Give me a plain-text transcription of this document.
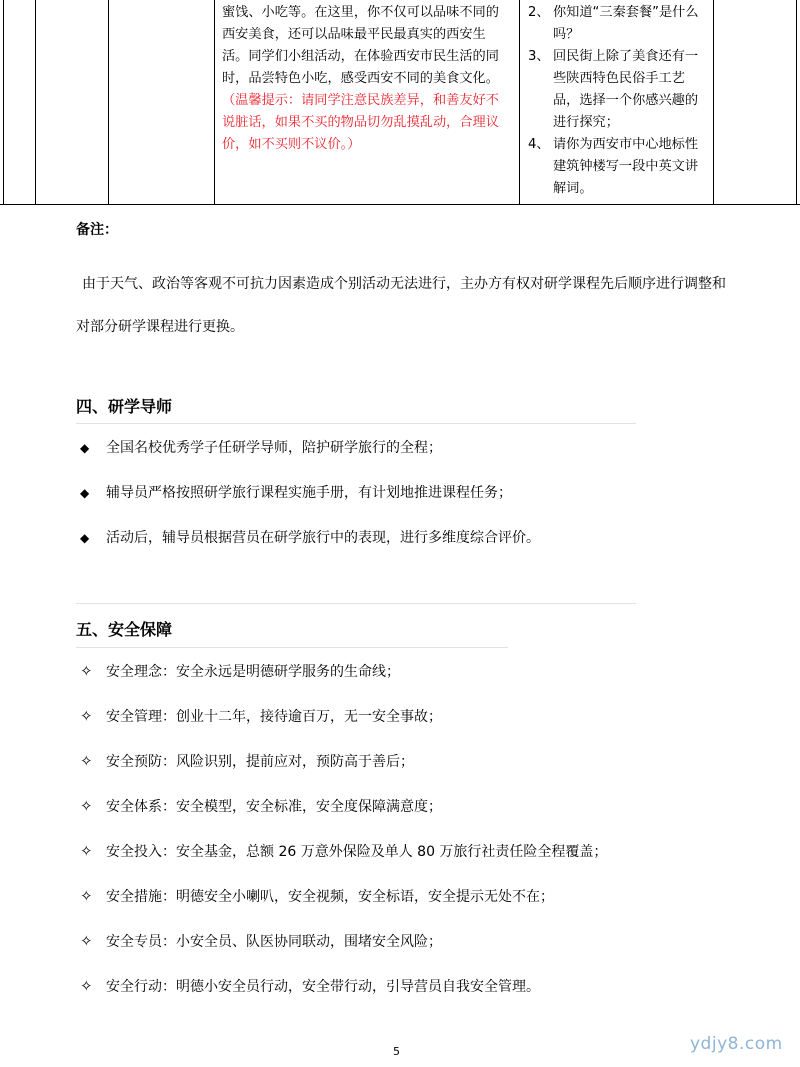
蜜饯、小吃等。在这里，你不仅可以品味不同的西安美食，还可以品味最平民最真实的西安生活。同学们小组活动，在体验西安市民生活的同时，品尝特色小吃，感受西安不同的美食文化。
（温馨提示：请同学注意民族差异，和善友好不说脏话，如果不买的物品切勿乱摸乱动，合理议价，如不买则不议价。）
2、 你知道“三秦套餐”是什么吗？
3、 回民街上除了美食还有一些陕西特色民俗手工艺品，选择一个你感兴趣的进行探究；
4、 请你为西安市中心地标性建筑钟楼写一段中英文讲解词。
备注：
由于天气、政治等客观不可抗力因素造成个别活动无法进行，主办方有权对研学课程先后顺序进行调整和对部分研学课程进行更换。
四、研学导师
◆ 全国名校优秀学子任研学导师，陪护研学旅行的全程；
◆ 辅导员严格按照研学旅行课程实施手册，有计划地推进课程任务；
◆ 活动后，辅导员根据营员在研学旅行中的表现，进行多维度综合评价。
五、安全保障
✧ 安全理念：安全永远是明德研学服务的生命线；
✧ 安全管理：创业十二年，接待逾百万，无一安全事故；
✧ 安全预防：风险识别，提前应对，预防高于善后；
✧ 安全体系：安全模型，安全标准，安全度保障满意度；
✧ 安全投入：安全基金，总额 26 万意外保险及单人 80 万旅行社责任险全程覆盖；
✧ 安全措施：明德安全小喇叭，安全视频，安全标语，安全提示无处不在；
✧ 安全专员：小安全员、队医协同联动，围堵安全风险；
✧ 安全行动：明德小安全员行动，安全带行动，引导营员自我安全管理。
5	ydjy8.com
